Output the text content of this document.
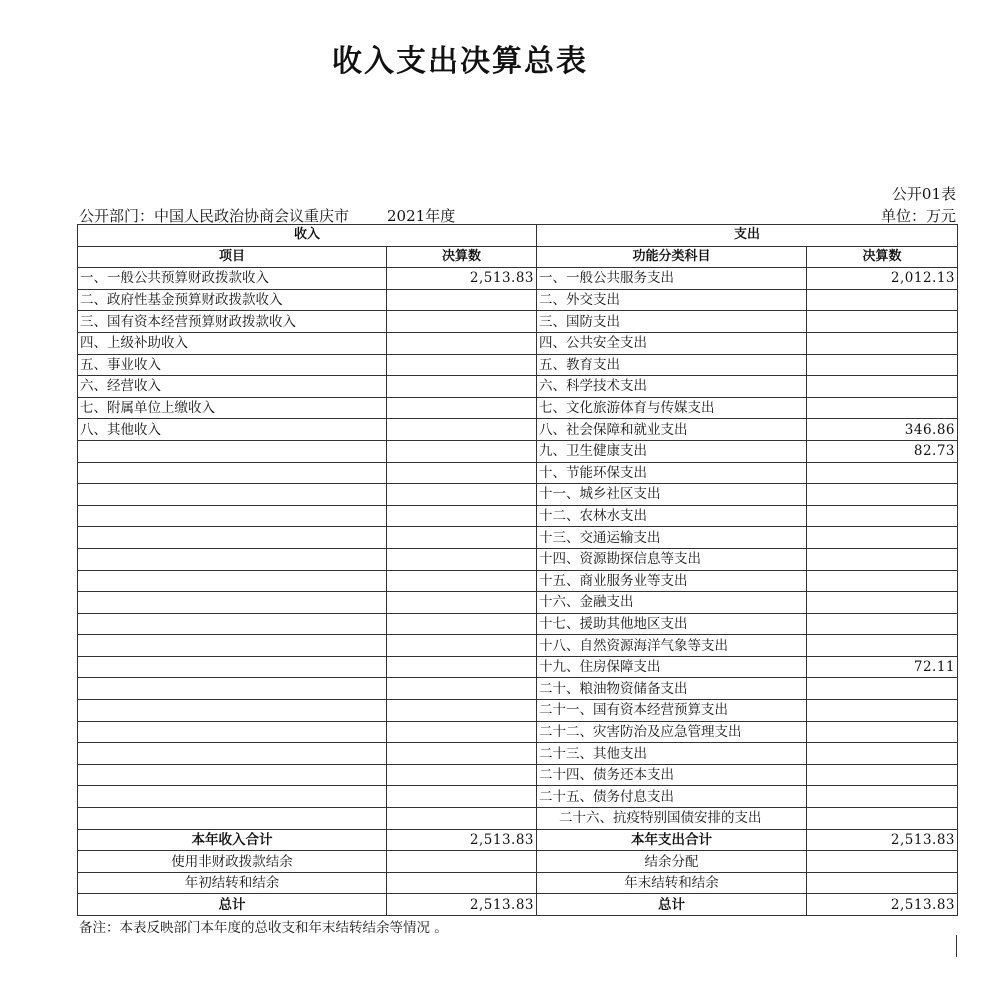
收入支出决算总表
公开01表
公开部门：中国人民政治协商会议重庆市	2021年度	单位：万元
收入		支出	
项目	决算数	功能分类科目	决算数
一、一般公共预算财政拨款收入	2,513.83	一、一般公共服务支出	2,012.13
二、政府性基金预算财政拨款收入		二、外交支出	
三、国有资本经营预算财政拨款收入		三、国防支出	
四、上级补助收入		四、公共安全支出	
五、事业收入		五、教育支出	
六、经营收入		六、科学技术支出	
七、附属单位上缴收入		七、文化旅游体育与传媒支出	
八、其他收入		八、社会保障和就业支出	346.86
		九、卫生健康支出	82.73
		十、节能环保支出	
		十一、城乡社区支出	
		十二、农林水支出	
		十三、交通运输支出	
		十四、资源勘探信息等支出	
		十五、商业服务业等支出	
		十六、金融支出	
		十七、援助其他地区支出	
		十八、自然资源海洋气象等支出	
		十九、住房保障支出	72.11
		二十、粮油物资储备支出	
		二十一、国有资本经营预算支出	
		二十二、灾害防治及应急管理支出	
		二十三、其他支出	
		二十四、债务还本支出	
		二十五、债务付息支出	
		二十六、抗疫特别国债安排的支出	
本年收入合计	2,513.83	本年支出合计	2,513.83
使用非财政拨款结余		结余分配	
年初结转和结余		年末结转和结余	
总计	2,513.83	总计	2,513.83
备注：本表反映部门本年度的总收支和年末结转结余等情况 。
